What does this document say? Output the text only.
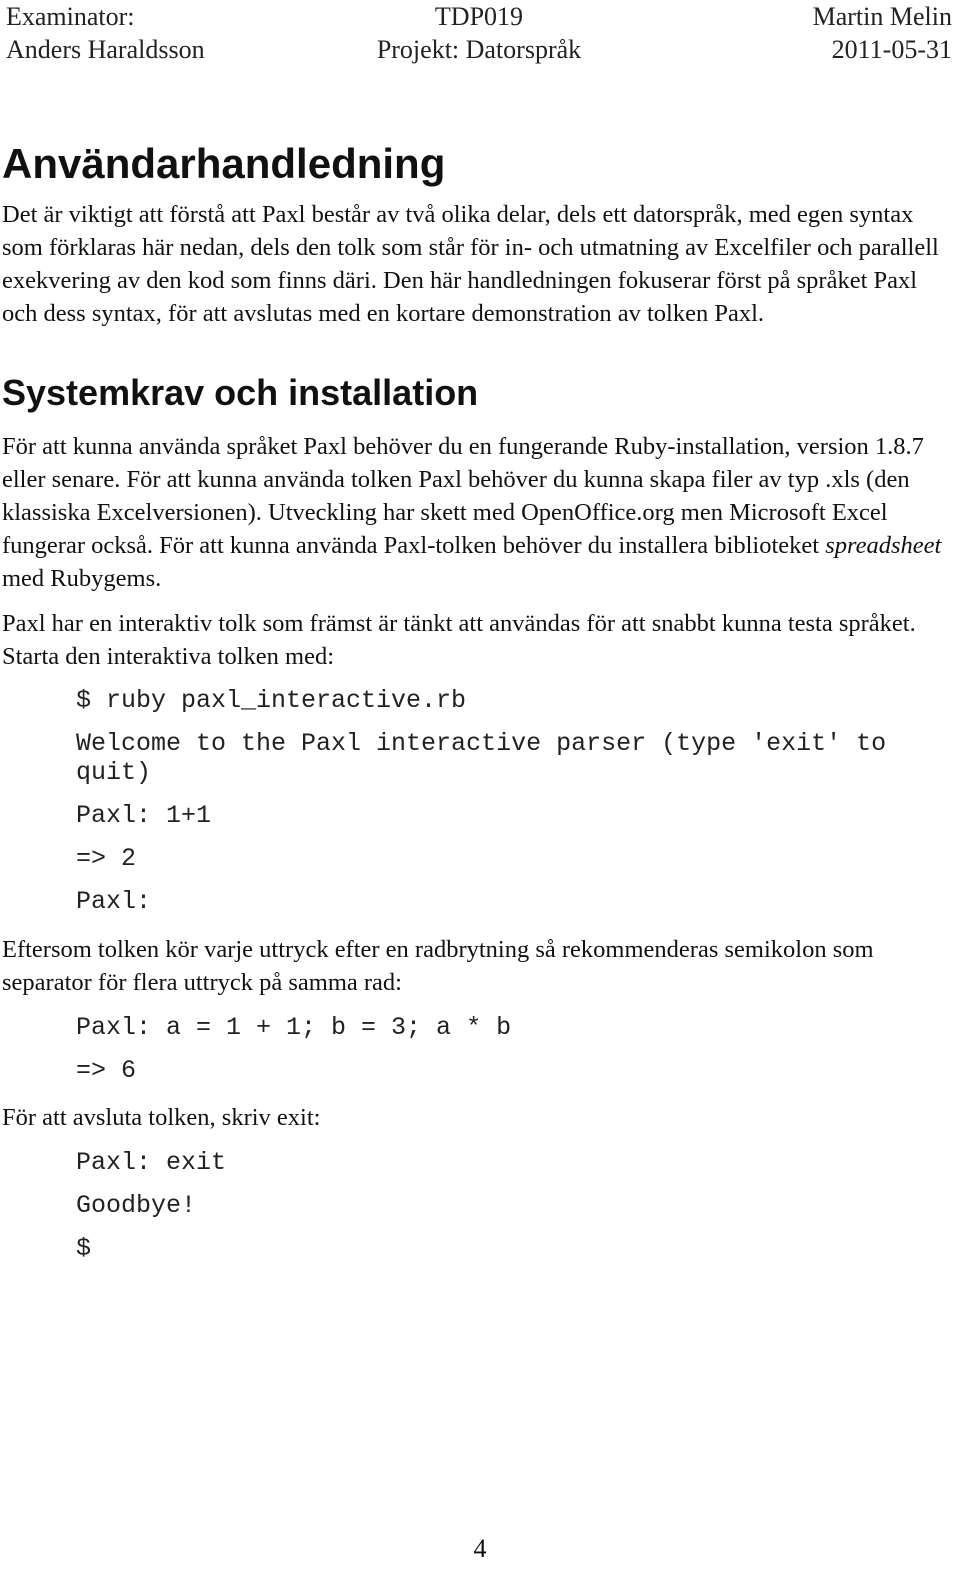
Examinator:	TDP019	Martin Melin
Anders Haraldsson	Projekt: Datorspråk	2011-05-31
Användarhandledning

Det är viktigt att förstå att Paxl består av två olika delar, dels ett datorspråk, med egen syntax som förklaras här nedan, dels den tolk som står för in- och utmatning av Excelfiler och parallell exekvering av den kod som finns däri. Den här handledningen fokuserar först på språket Paxl och dess syntax, för att avslutas med en kortare demonstration av tolken Paxl.

Systemkrav och installation

För att kunna använda språket Paxl behöver du en fungerande Ruby-installation, version 1.8.7 eller senare. För att kunna använda tolken Paxl behöver du kunna skapa filer av typ .xls (den klassiska Excelversionen). Utveckling har skett med OpenOffice.org men Microsoft Excel fungerar också. För att kunna använda Paxl-tolken behöver du installera biblioteket spreadsheet med Rubygems.

Paxl har en interaktiv tolk som främst är tänkt att användas för att snabbt kunna testa språket. Starta den interaktiva tolken med:

$ ruby paxl_interactive.rb
Welcome to the Paxl interactive parser (type 'exit' to quit)
Paxl: 1+1
=> 2
Paxl:

Eftersom tolken kör varje uttryck efter en radbrytning så rekommenderas semikolon som separator för flera uttryck på samma rad:

Paxl: a = 1 + 1; b = 3; a * b
=> 6

För att avsluta tolken, skriv exit:

Paxl: exit
Goodbye!
$
4
